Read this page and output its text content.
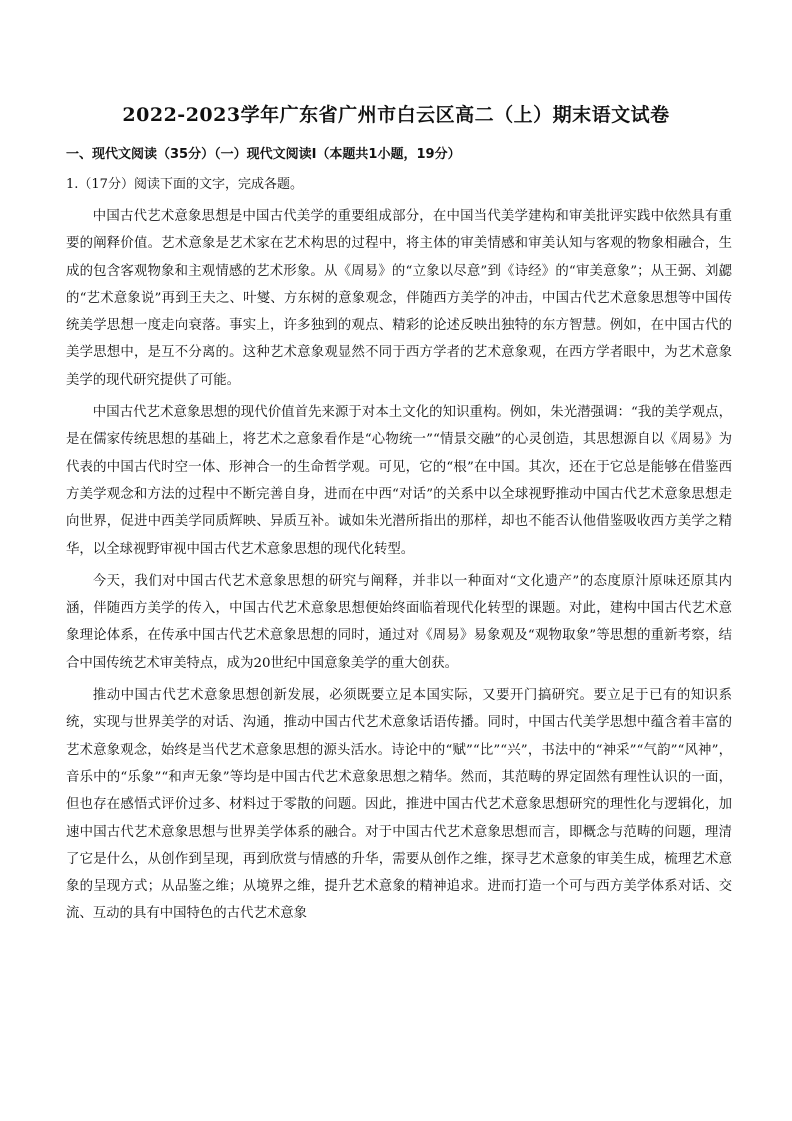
2022-2023学年广东省广州市白云区高二（上）期末语文试卷

一、现代文阅读（35分）（一）现代文阅读Ⅰ（本题共1小题，19分）

1.（17分）阅读下面的文字，完成各题。

中国古代艺术意象思想是中国古代美学的重要组成部分，在中国当代美学建构和审美批评实践中依然具有重要的阐释价值。艺术意象是艺术家在艺术构思的过程中，将主体的审美情感和审美认知与客观的物象相融合，生成的包含客观物象和主观情感的艺术形象。从《周易》的“立象以尽意”到《诗经》的“审美意象”；从王弼、刘勰的“艺术意象说”再到王夫之、叶燮、方东树的意象观念，伴随西方美学的冲击，中国古代艺术意象思想等中国传统美学思想一度走向衰落。事实上，许多独到的观点、精彩的论述反映出独特的东方智慧。例如，在中国古代的美学思想中，是互不分离的。这种艺术意象观显然不同于西方学者的艺术意象观，在西方学者眼中，为艺术意象美学的现代研究提供了可能。

中国古代艺术意象思想的现代价值首先来源于对本土文化的知识重构。例如，朱光潜强调：“我的美学观点，是在儒家传统思想的基础上，将艺术之意象看作是“心物统一”“情景交融”的心灵创造，其思想源自以《周易》为代表的中国古代时空一体、形神合一的生命哲学观。可见，它的“根”在中国。其次，还在于它总是能够在借鉴西方美学观念和方法的过程中不断完善自身，进而在中西“对话”的关系中以全球视野推动中国古代艺术意象思想走向世界，促进中西美学同质辉映、异质互补。诚如朱光潜所指出的那样，却也不能否认他借鉴吸收西方美学之精华，以全球视野审视中国古代艺术意象思想的现代化转型。

今天，我们对中国古代艺术意象思想的研究与阐释，并非以一种面对“文化遗产”的态度原汁原味还原其内涵，伴随西方美学的传入，中国古代艺术意象思想便始终面临着现代化转型的课题。对此，建构中国古代艺术意象理论体系，在传承中国古代艺术意象思想的同时，通过对《周易》易象观及“观物取象”等思想的重新考察，结合中国传统艺术审美特点，成为20世纪中国意象美学的重大创获。

推动中国古代艺术意象思想创新发展，必须既要立足本国实际，又要开门搞研究。要立足于已有的知识系统，实现与世界美学的对话、沟通，推动中国古代艺术意象话语传播。同时，中国古代美学思想中蕴含着丰富的艺术意象观念，始终是当代艺术意象思想的源头活水。诗论中的“赋”“比”“兴”，书法中的“神采”“气韵”“风神”，音乐中的“乐象”“和声无象”等均是中国古代艺术意象思想之精华。然而，其范畴的界定固然有理性认识的一面，但也存在感悟式评价过多、材料过于零散的问题。因此，推进中国古代艺术意象思想研究的理性化与逻辑化，加速中国古代艺术意象思想与世界美学体系的融合。对于中国古代艺术意象思想而言，即概念与范畴的问题，理清了它是什么，从创作到呈现，再到欣赏与情感的升华，需要从创作之维，探寻艺术意象的审美生成，梳理艺术意象的呈现方式；从品鉴之维；从境界之维，提升艺术意象的精神追求。进而打造一个可与西方美学体系对话、交流、互动的具有中国特色的古代艺术意象
